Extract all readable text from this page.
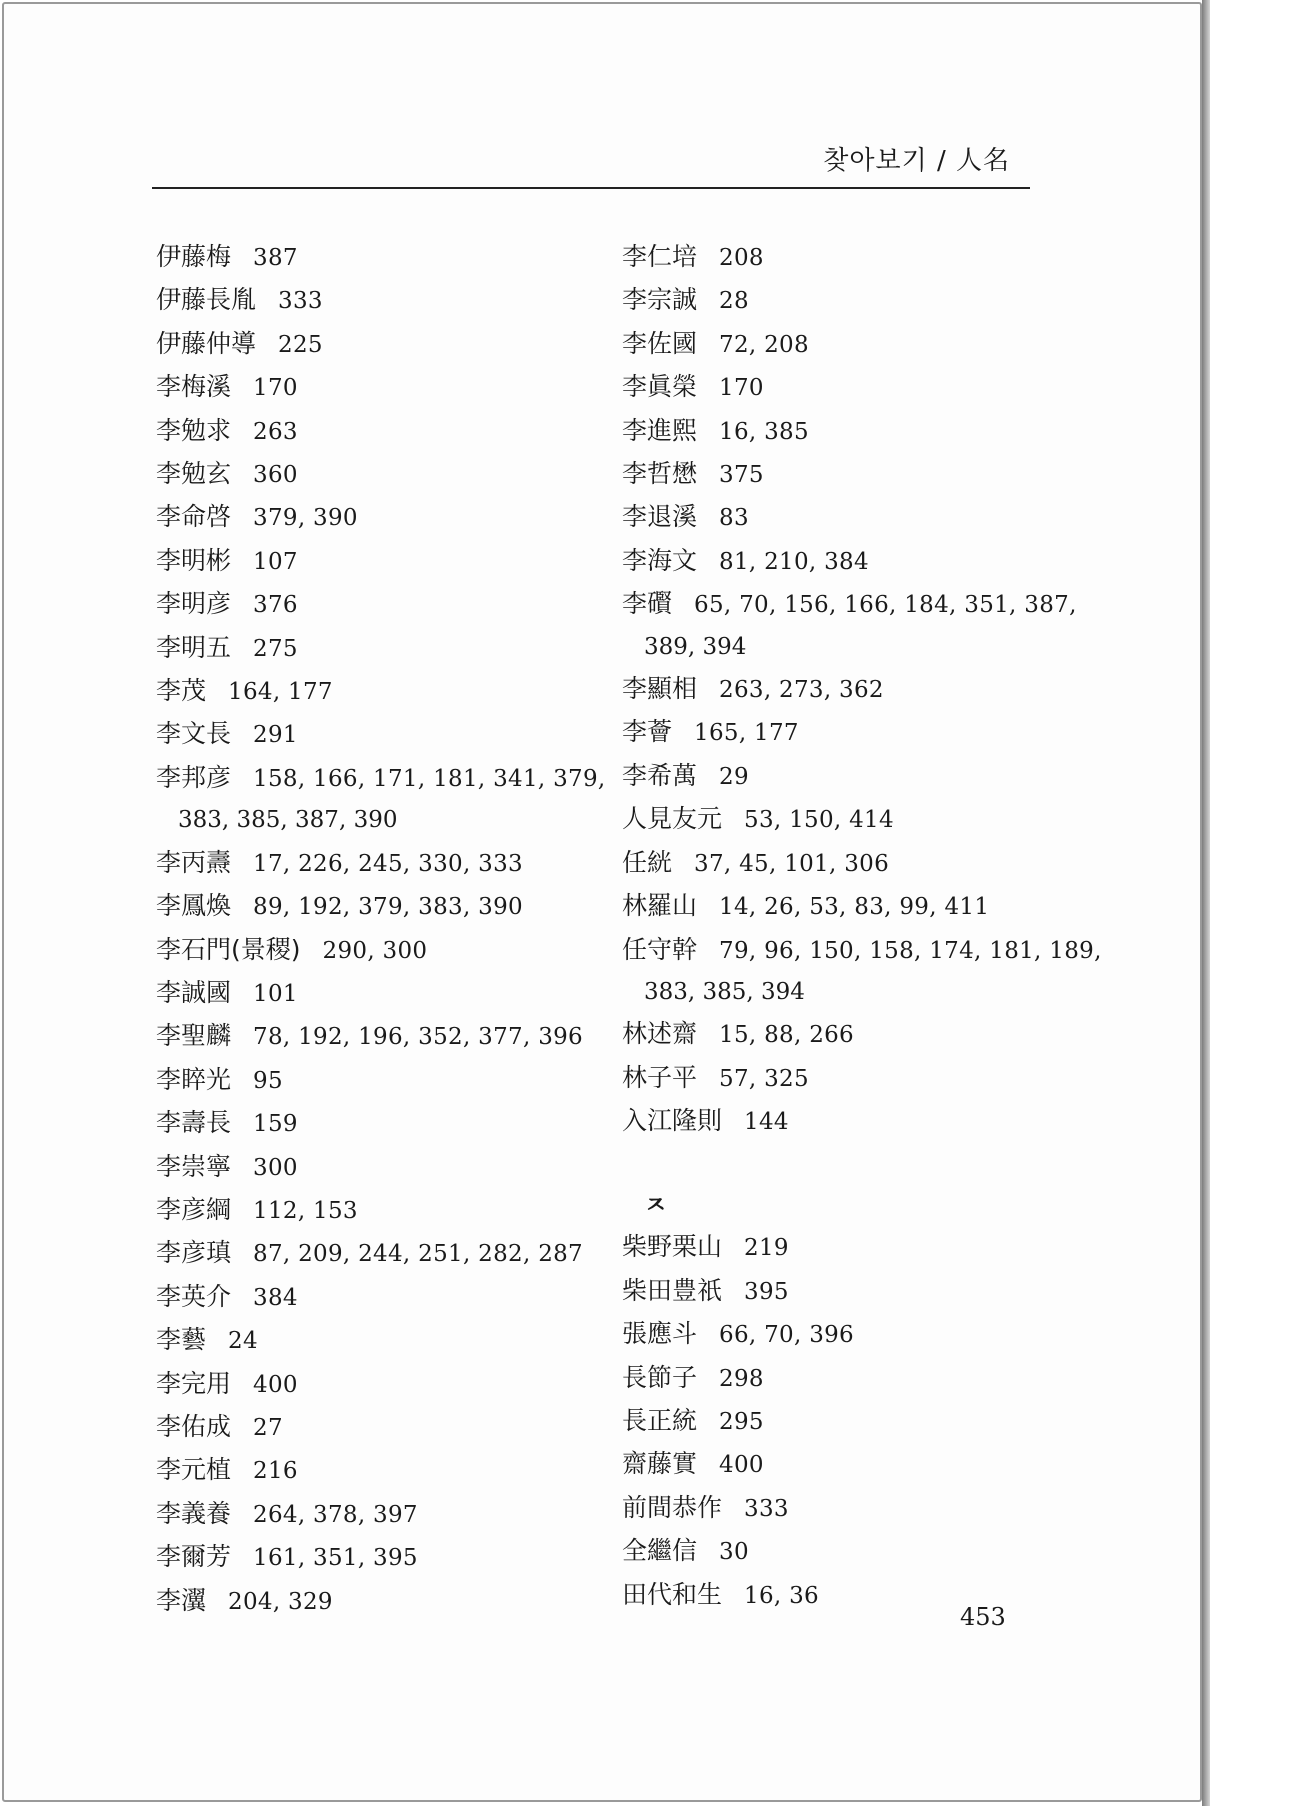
찾아보기 / 人名
伊藤梅 387
伊藤長胤 333
伊藤仲導 225
李梅溪 170
李勉求 263
李勉玄 360
李命啓 379, 390
李明彬 107
李明彦 376
李明五 275
李茂 164, 177
李文長 291
李邦彦 158, 166, 171, 181, 341, 379,
383, 385, 387, 390
李丙燾 17, 226, 245, 330, 333
李鳳煥 89, 192, 379, 383, 390
李石門(景稷) 290, 300
李誠國 101
李聖麟 78, 192, 196, 352, 377, 396
李睟光 95
李壽長 159
李崇寧 300
李彦綱 112, 153
李彦瑱 87, 209, 244, 251, 282, 287
李英介 384
李藝 24
李完用 400
李佑成 27
李元植 216
李義養 264, 378, 397
李爾芳 161, 351, 395
李瀷 204, 329
李仁培 208
李宗誠 28
李佐國 72, 208
李眞榮 170
李進熙 16, 385
李哲懋 375
李退溪 83
李海文 81, 210, 384
李礥 65, 70, 156, 166, 184, 351, 387,
389, 394
李顯相 263, 273, 362
李薈 165, 177
李希萬 29
人見友元 53, 150, 414
任絖 37, 45, 101, 306
林羅山 14, 26, 53, 83, 99, 411
任守幹 79, 96, 150, 158, 174, 181, 189,
383, 385, 394
林述齋 15, 88, 266
林子平 57, 325
入江隆則 144
ㅈ
柴野栗山 219
柴田豊祇 395
張應斗 66, 70, 396
長節子 298
長正統 295
齋藤實 400
前間恭作 333
全繼信 30
田代和生 16, 36
453
